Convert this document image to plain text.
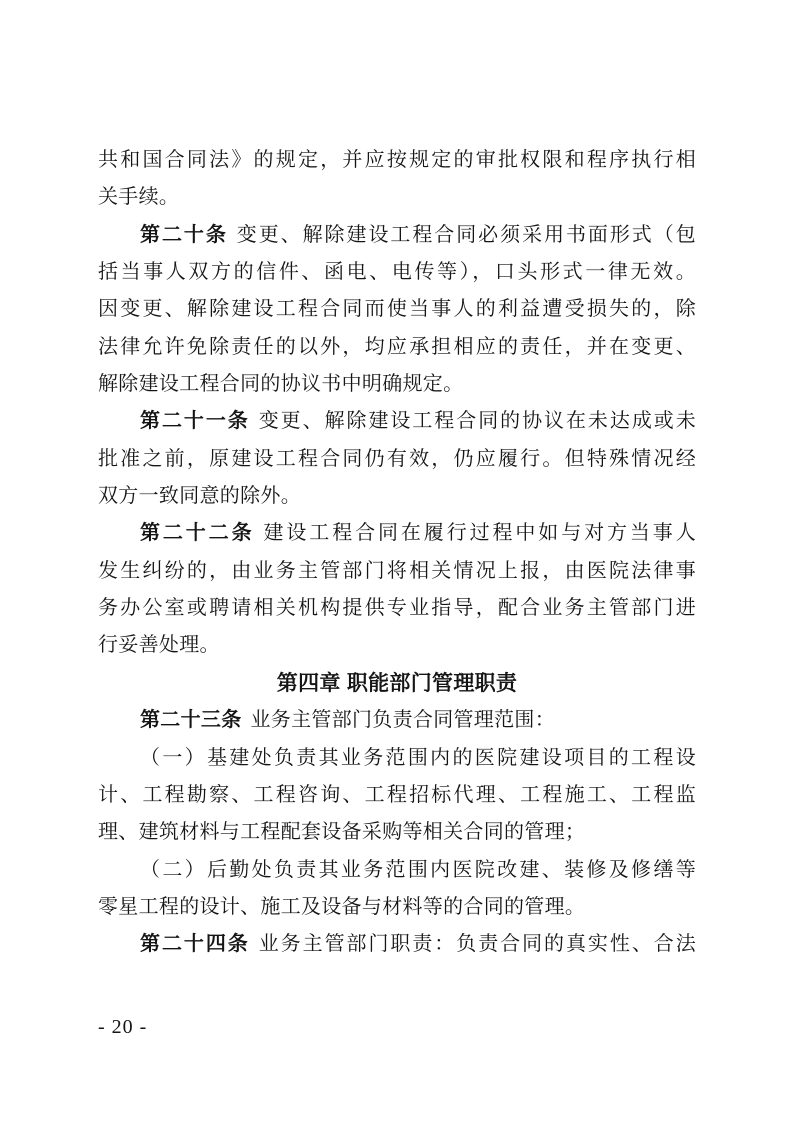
共和国合同法》的规定，并应按规定的审批权限和程序执行相
关手续。
第二十条 变更、解除建设工程合同必须采用书面形式（包
括当事人双方的信件、函电、电传等），口头形式一律无效。
因变更、解除建设工程合同而使当事人的利益遭受损失的，除
法律允许免除责任的以外，均应承担相应的责任，并在变更、
解除建设工程合同的协议书中明确规定。
第二十一条 变更、解除建设工程合同的协议在未达成或未
批准之前，原建设工程合同仍有效，仍应履行。但特殊情况经
双方一致同意的除外。
第二十二条 建设工程合同在履行过程中如与对方当事人
发生纠纷的，由业务主管部门将相关情况上报，由医院法律事
务办公室或聘请相关机构提供专业指导，配合业务主管部门进
行妥善处理。
第四章 职能部门管理职责
第二十三条 业务主管部门负责合同管理范围：
（一）基建处负责其业务范围内的医院建设项目的工程设
计、工程勘察、工程咨询、工程招标代理、工程施工、工程监
理、建筑材料与工程配套设备采购等相关合同的管理；
（二）后勤处负责其业务范围内医院改建、装修及修缮等
零星工程的设计、施工及设备与材料等的合同的管理。
第二十四条 业务主管部门职责：负责合同的真实性、合法
- 20 -
